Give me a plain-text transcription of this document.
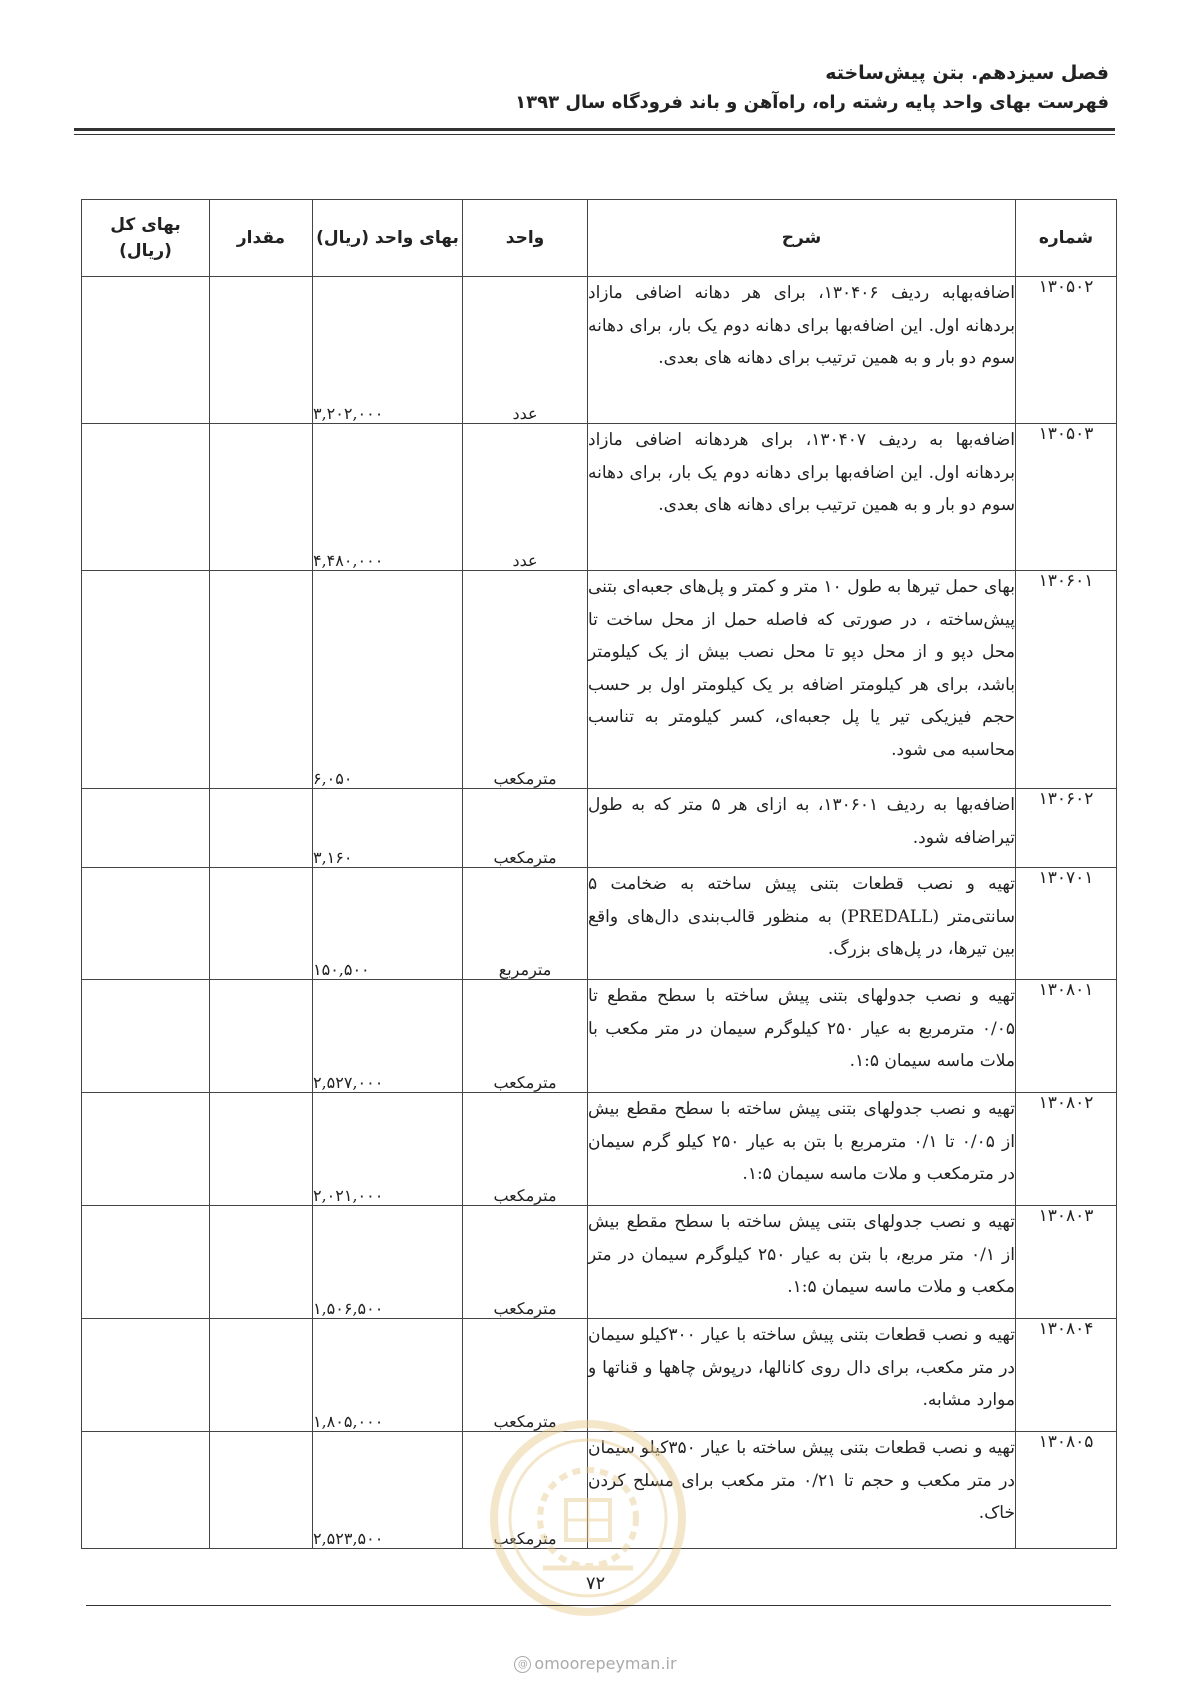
فصل سیزدهم. بتن پیش‌ساخته
فهرست بهای واحد پایه رشته راه، راه‌آهن و باند فرودگاه سال ۱۳۹۳
شماره	شرح	واحد	بهای واحد (ریال)	مقدار	بهای کل
(ریال)

۱۳۰۵۰۲	اضافه‌بهابه ردیف ۱۳۰۴۰۶، برای هر دهانه اضافی مازاد بردهانه اول. این اضافه‌بها برای دهانه دوم یک بار، برای دهانه سوم دو بار و به همین ترتیب برای دهانه های بعدی.	عدد	۳,۲۰۲,۰۰۰		
۱۳۰۵۰۳	اضافه‌بها به ردیف ۱۳۰۴۰۷، برای هردهانه اضافی مازاد بردهانه اول. این اضافه‌بها برای دهانه دوم یک بار، برای دهانه سوم دو بار و به همین ترتیب برای دهانه های بعدی.	عدد	۴,۴۸۰,۰۰۰		
۱۳۰۶۰۱	بهای حمل تیرها به طول ۱۰ متر و کمتر و پل‌های جعبه‌ای بتنی پیش‌ساخته ، در صورتی که فاصله حمل از محل ساخت تا محل دپو و از محل دپو تا محل نصب بیش از یک کیلومتر باشد، برای هر کیلومتر اضافه بر یک کیلومتر اول بر حسب حجم فیزیکی تیر یا پل جعبه‌ای، کسر کیلومتر به تناسب محاسبه می شود.	مترمکعب	۶,۰۵۰		
۱۳۰۶۰۲	اضافه‌بها به ردیف ۱۳۰۶۰۱، به ازای هر ۵ متر که به طول تیراضافه شود.	مترمکعب	۳,۱۶۰		
۱۳۰۷۰۱	تهیه و نصب قطعات بتنی پیش ساخته به ضخامت ۵ سانتی‌متر (PREDALL) به منظور قالب‌بندی دال‌های واقع بین تیرها، در پل‌های بزرگ.	مترمربع	۱۵۰,۵۰۰		
۱۳۰۸۰۱	تهیه و نصب جدولهای بتنی پیش ساخته با سطح مقطع تا ۰/۰۵ مترمربع به عیار ۲۵۰ کیلوگرم سیمان در متر مکعب با ملات ماسه سیمان ۱:۵.	مترمکعب	۲,۵۲۷,۰۰۰		
۱۳۰۸۰۲	تهیه و نصب جدولهای بتنی پیش ساخته با سطح مقطع بیش از ۰/۰۵ تا ۰/۱ مترمربع با بتن به عیار ۲۵۰ کیلو گرم سیمان در مترمکعب و ملات ماسه سیمان ۱:۵.	مترمکعب	۲,۰۲۱,۰۰۰		
۱۳۰۸۰۳	تهیه و نصب جدولهای بتنی پیش ساخته با سطح مقطع بیش از ۰/۱ متر مربع، با بتن به عیار ۲۵۰ کیلوگرم سیمان در متر مکعب و ملات ماسه سیمان ۱:۵.	مترمکعب	۱,۵۰۶,۵۰۰		
۱۳۰۸۰۴	تهیه و نصب قطعات بتنی پیش ساخته با عیار ۳۰۰کیلو سیمان در متر مکعب، برای دال روی کانالها، درپوش چاهها و قناتها و موارد مشابه.	مترمکعب	۱,۸۰۵,۰۰۰		
۱۳۰۸۰۵	تهیه و نصب قطعات بتنی پیش ساخته با عیار ۳۵۰کیلو سیمان در متر مکعب و حجم تا ۰/۲۱ متر مکعب برای مسلح کردن خاک.	مترمکعب	۲,۵۲۳,۵۰۰		
۷۲
@ omoorepeyman.ir
